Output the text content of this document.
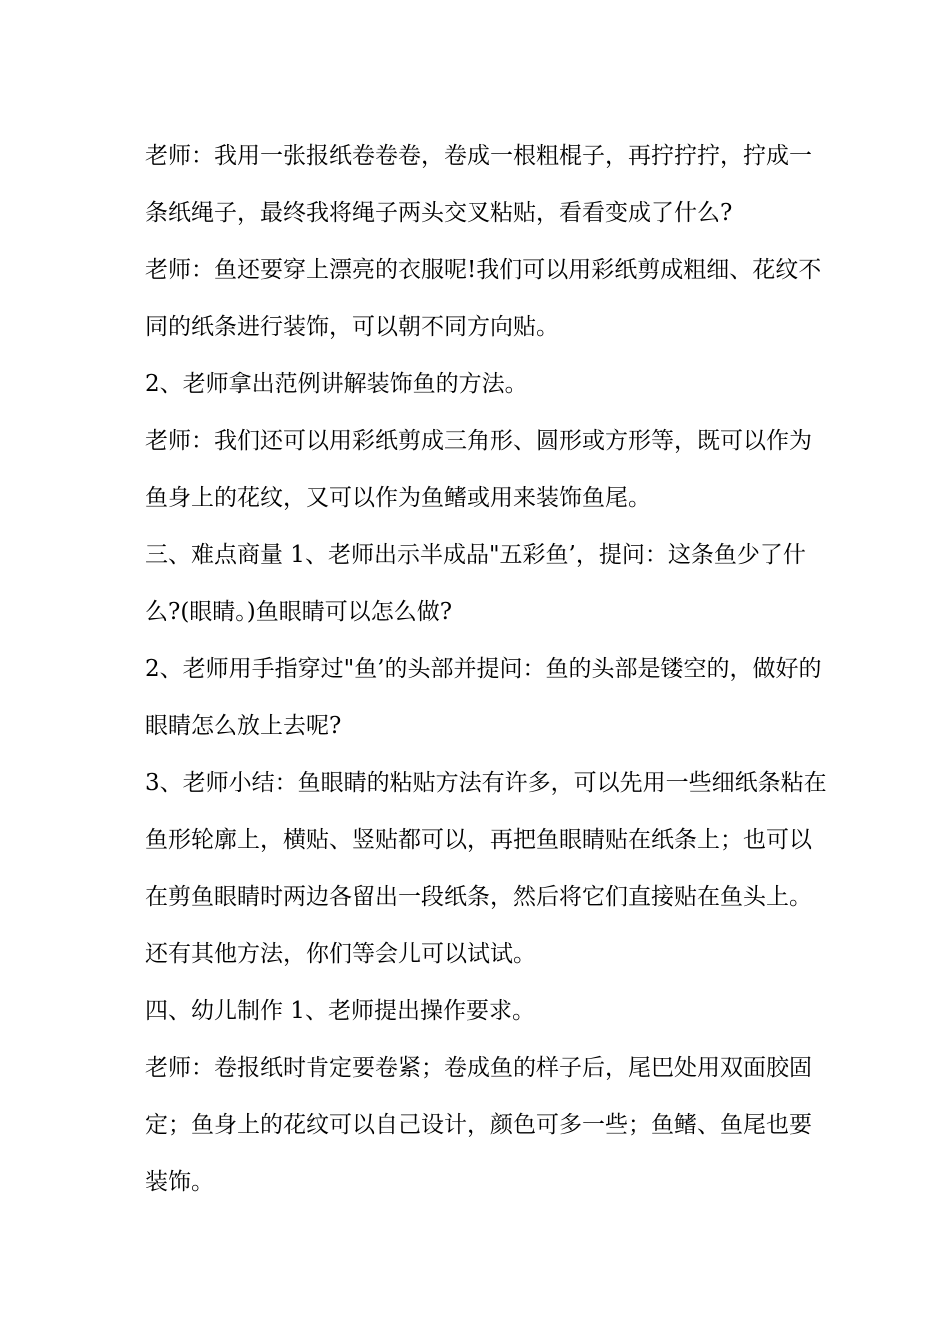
老师：我用一张报纸卷卷卷，卷成一根粗棍子，再拧拧拧，拧成一
条纸绳子，最终我将绳子两头交叉粘贴，看看变成了什么?
老师：鱼还要穿上漂亮的衣服呢!我们可以用彩纸剪成粗细、花纹不
同的纸条进行装饰，可以朝不同方向贴。
2、老师拿出范例讲解装饰鱼的方法。
老师：我们还可以用彩纸剪成三角形、圆形或方形等，既可以作为
鱼身上的花纹，又可以作为鱼鳍或用来装饰鱼尾。
三、难点商量 1、老师出示半成品"五彩鱼’，提问：这条鱼少了什
么?(眼睛。)鱼眼睛可以怎么做?
2、老师用手指穿过"鱼’的头部并提问：鱼的头部是镂空的，做好的
眼睛怎么放上去呢?
3、老师小结：鱼眼睛的粘贴方法有许多，可以先用一些细纸条粘在
鱼形轮廓上，横贴、竖贴都可以，再把鱼眼睛贴在纸条上；也可以
在剪鱼眼睛时两边各留出一段纸条，然后将它们直接贴在鱼头上。
还有其他方法，你们等会儿可以试试。
四、幼儿制作 1、老师提出操作要求。
老师：卷报纸时肯定要卷紧；卷成鱼的样子后，尾巴处用双面胶固
定；鱼身上的花纹可以自己设计，颜色可多一些；鱼鳍、鱼尾也要
装饰。
